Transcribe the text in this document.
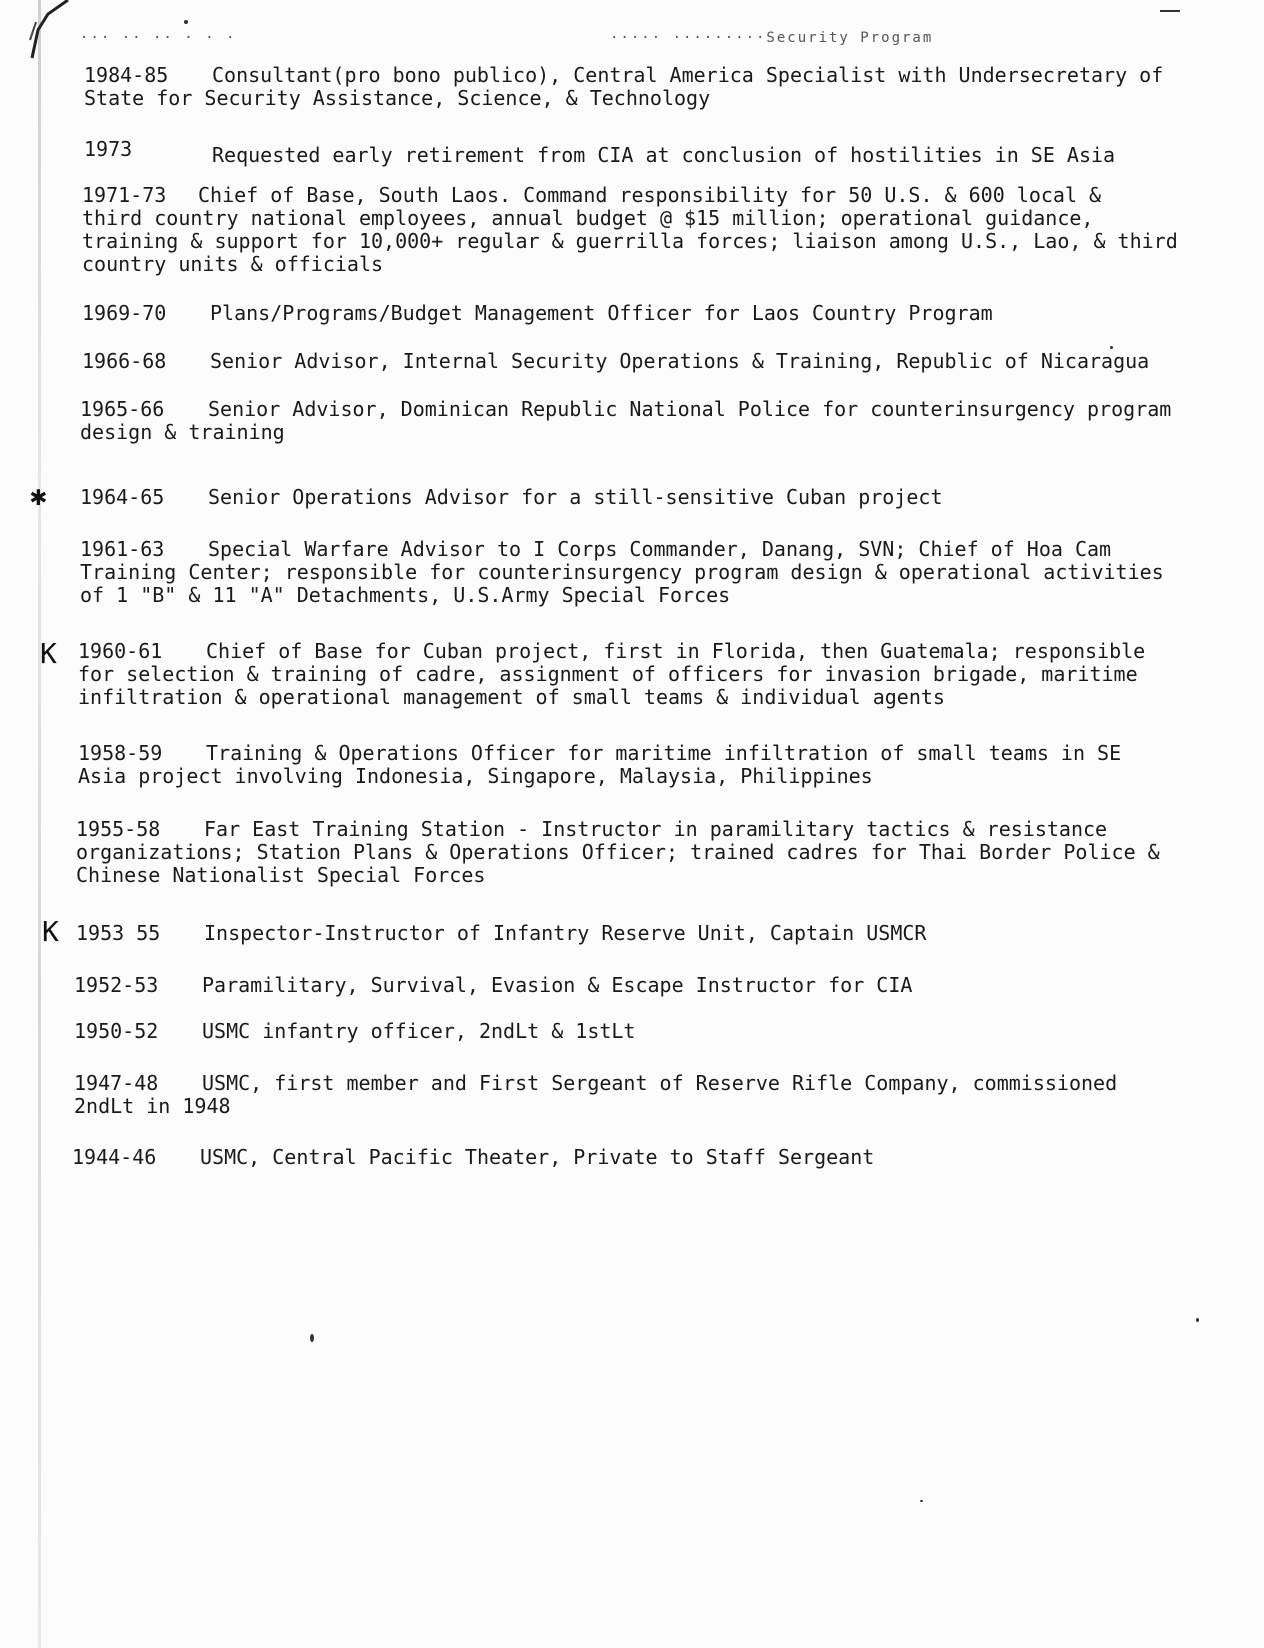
··· ·· ·· · · ·	····· ·········Security Program
1984-85	Consultant(pro bono publico), Central America Specialist with Undersecretary of
State for Security Assistance, Science, & Technology
1973	Requested early retirement from CIA at conclusion of hostilities in SE Asia
1971-73	Chief of Base, South Laos. Command responsibility for 50 U.S. & 600 local &
third country national employees, annual budget @ $15 million; operational guidance,
training & support for 10,000+ regular & guerrilla forces; liaison among U.S., Lao, & third
country units & officials
1969-70	Plans/Programs/Budget Management Officer for Laos Country Program
1966-68	Senior Advisor, Internal Security Operations & Training, Republic of Nicaragua
1965-66	Senior Advisor, Dominican Republic National Police for counterinsurgency program
design & training
✱ 1964-65	Senior Operations Advisor for a still-sensitive Cuban project
1961-63	Special Warfare Advisor to I Corps Commander, Danang, SVN; Chief of Hoa Cam
Training Center; responsible for counterinsurgency program design & operational activities
of 1 "B" & 11 "A" Detachments, U.S.Army Special Forces
K 1960-61	Chief of Base for Cuban project, first in Florida, then Guatemala; responsible
for selection & training of cadre, assignment of officers for invasion brigade, maritime
infiltration & operational management of small teams & individual agents
1958-59	Training & Operations Officer for maritime infiltration of small teams in SE
Asia project involving Indonesia, Singapore, Malaysia, Philippines
1955-58	Far East Training Station - Instructor in paramilitary tactics & resistance
organizations; Station Plans & Operations Officer; trained cadres for Thai Border Police &
Chinese Nationalist Special Forces
K 1953 55	Inspector-Instructor of Infantry Reserve Unit, Captain USMCR
1952-53	Paramilitary, Survival, Evasion & Escape Instructor for CIA
1950-52	USMC infantry officer, 2ndLt & 1stLt
1947-48	USMC, first member and First Sergeant of Reserve Rifle Company, commissioned
2ndLt in 1948
1944-46	USMC, Central Pacific Theater, Private to Staff Sergeant
